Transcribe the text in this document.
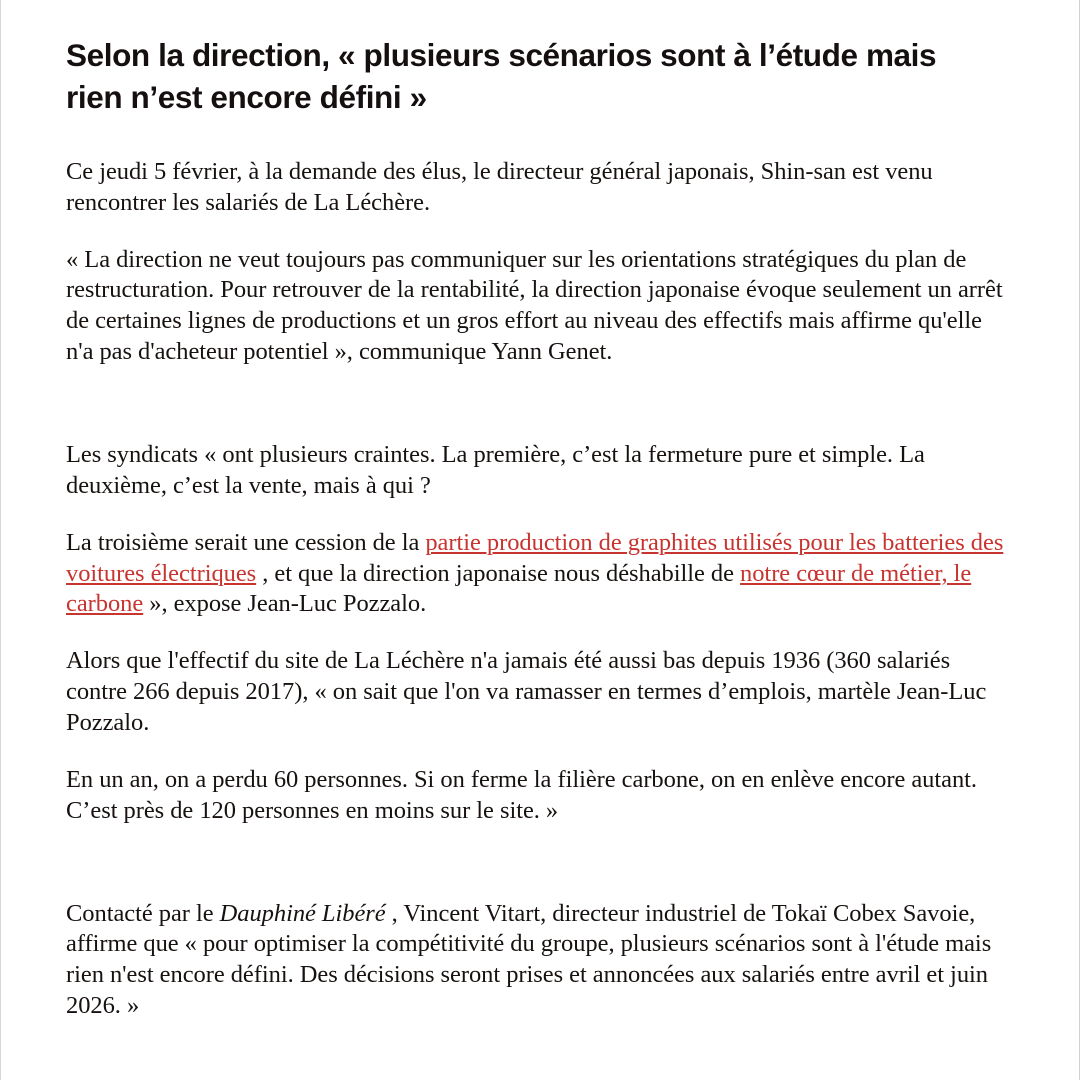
Selon la direction, « plusieurs scénarios sont à l’étude mais rien n’est encore défini »

Ce jeudi 5 février, à la demande des élus, le directeur général japonais, Shin-san est venu rencontrer les salariés de La Léchère.

« La direction ne veut toujours pas communiquer sur les orientations stratégiques du plan de restructuration. Pour retrouver de la rentabilité, la direction japonaise évoque seulement un arrêt de certaines lignes de productions et un gros effort au niveau des effectifs mais affirme qu'elle n'a pas d'acheteur potentiel », communique Yann Genet.

Les syndicats « ont plusieurs craintes. La première, c’est la fermeture pure et simple. La deuxième, c’est la vente, mais à qui ?

La troisième serait une cession de la partie production de graphites utilisés pour les batteries des voitures électriques , et que la direction japonaise nous déshabille de notre cœur de métier, le carbone », expose Jean-Luc Pozzalo.

Alors que l'effectif du site de La Léchère n'a jamais été aussi bas depuis 1936 (360 salariés contre 266 depuis 2017), « on sait que l'on va ramasser en termes d’emplois, martèle Jean-Luc Pozzalo.

En un an, on a perdu 60 personnes. Si on ferme la filière carbone, on en enlève encore autant. C’est près de 120 personnes en moins sur le site. »

Contacté par le Dauphiné Libéré , Vincent Vitart, directeur industriel de Tokaï Cobex Savoie, affirme que « pour optimiser la compétitivité du groupe, plusieurs scénarios sont à l'étude mais rien n'est encore défini. Des décisions seront prises et annoncées aux salariés entre avril et juin 2026. »
